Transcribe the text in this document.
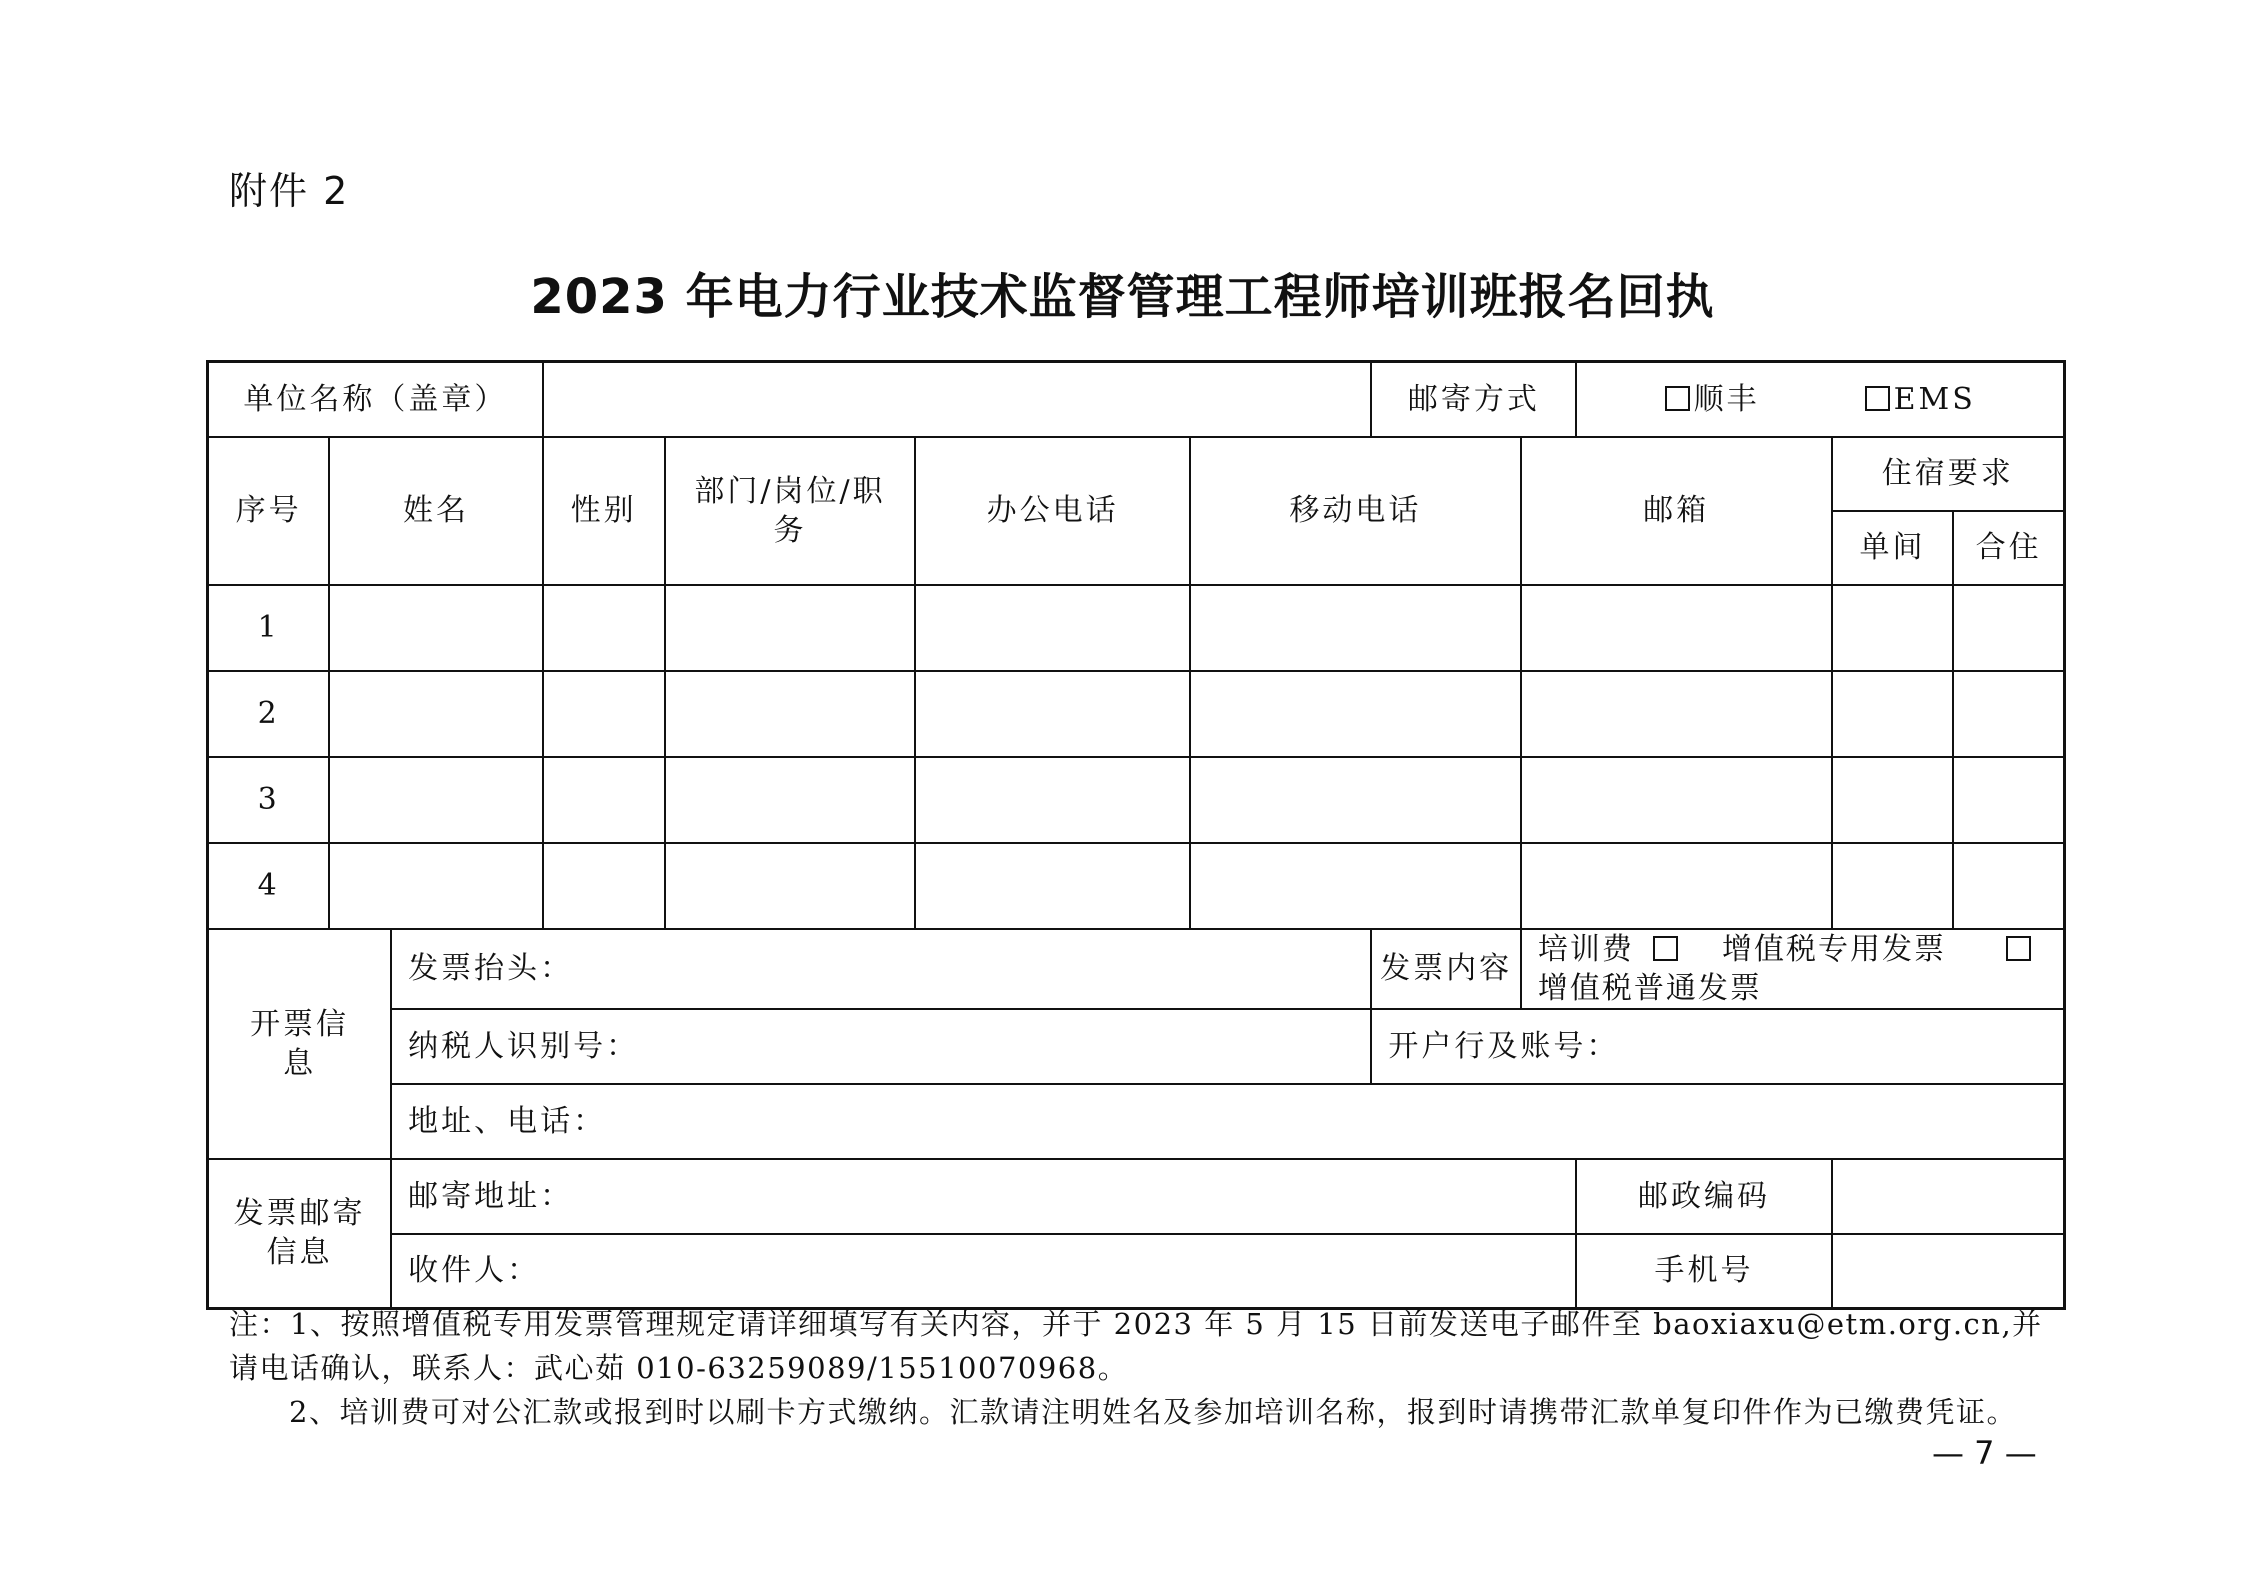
附件 2
2023 年电力行业技术监督管理工程师培训班报名回执
单位名称（盖章）							邮寄方式		顺丰 EMS		
序号	姓名		性别	部门/岗位/职务	办公电话	移动电话		邮箱		住宿要求	
										单间	合住
1											
2											
3											
4											
开票信息		发票抬头：					发票内容	培训费 增值税专用发票 增值税普通发票			
		纳税人识别号：					开户行及账号：				
		地址、电话：									
发票邮寄信息		邮寄地址：							邮政编码		
		收件人：							手机号		

注：1、按照增值税专用发票管理规定请详细填写有关内容，并于 2023 年 5 月 15 日前发送电子邮件至 baoxiaxu@etm.org.cn,并请电话确认，联系人：武心茹 010-63259089/15510070968。

2、培训费可对公汇款或报到时以刷卡方式缴纳。汇款请注明姓名及参加培训名称，报到时请携带汇款单复印件作为已缴费凭证。

— 7 —
